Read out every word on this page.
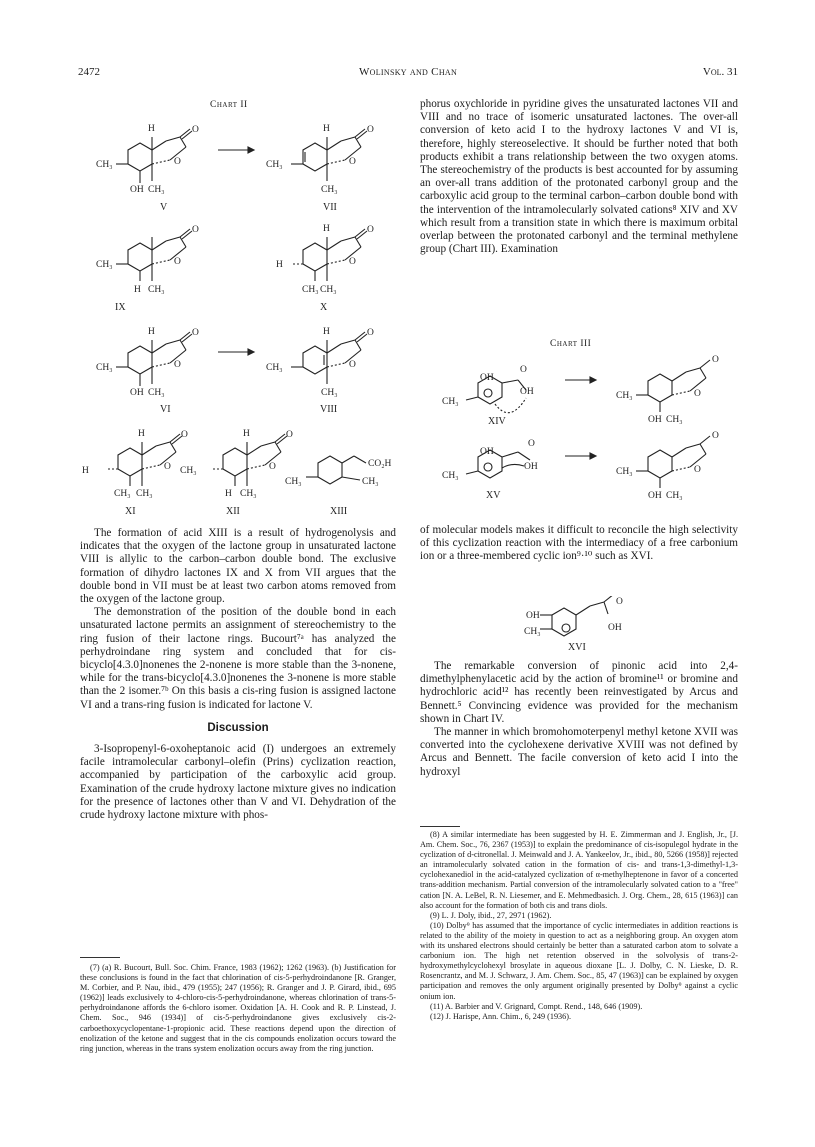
2472	Wolinsky and Chan	Vol. 31
Chart II
H	O
O
CH₃
OH CH₃
V
H	O
O
CH₃
CH₃
VII
O
O
CH₃
H CH₃
IX
H	O
O
H
CH₃ CH₃
X
H	O
O
CH₃
OH CH₃
VI
H	O
O
CH₃
CH₃
VIII
H	O
O
H
CH₃ CH₃
XI
H	O
O
CH₃
H CH₃
XII
CO₂H
CH₃
CH₃
XIII

The formation of acid XIII is a result of hydrogenolysis and indicates that the oxygen of the lactone group in unsaturated lactone VIII is allylic to the carbon–carbon double bond. The exclusive formation of dihydro lactones IX and X from VII argues that the double bond in VII must be at least two carbon atoms removed from the oxygen of the lactone group.

The demonstration of the position of the double bond in each unsaturated lactone permits an assignment of stereochemistry to the ring fusion of their lactone rings. Bucourt⁷ᵃ has analyzed the perhydroindane ring system and concluded that for cis-bicyclo[4.3.0]nonenes the 2-nonene is more stable than the 3-nonene, while for the trans-bicyclo[4.3.0]nonenes the 3-nonene is more stable than the 2 isomer.⁷ᵇ On this basis a cis-ring fusion is assigned lactone VI and a trans-ring fusion is indicated for lactone V.

Discussion

3-Isopropenyl-6-oxoheptanoic acid (I) undergoes an extremely facile intramolecular carbonyl–olefin (Prins) cyclization reaction, accompanied by participation of the carboxylic acid group. Examination of the crude hydroxy lactone mixture gives no indication for the presence of lactones other than V and VI. Dehydration of the crude hydroxy lactone mixture with phos-

phorus oxychloride in pyridine gives the unsaturated lactones VII and VIII and no trace of isomeric unsaturated lactones. The over-all conversion of keto acid I to the hydroxy lactones V and VI is, therefore, highly stereoselective. It should be further noted that both products exhibit a trans relationship between the two oxygen atoms. The stereochemistry of the products is best accounted for by assuming an over-all trans addition of the protonated carbonyl group and the carboxylic acid group to the terminal carbon–carbon double bond with the intervention of the intramolecularly solvated cations⁸ XIV and XV which result from a transition state in which there is maximum orbital overlap between the protonated carbonyl and the terminal methylene group (Chart III). Examination

Chart III
OH
OH
O
CH₃
XIV
O
O
CH₃
OH CH₃
OH
OH
O
CH₃
XV
O
O
CH₃
OH CH₃

of molecular models makes it difficult to reconcile the high selectivity of this cyclization reaction with the intermediacy of a free carbonium ion or a three-membered cyclic ion⁹·¹⁰ such as XVI.

O
OH
OH
CH₃
XVI

The remarkable conversion of pinonic acid into 2,4-dimethylphenylacetic acid by the action of bromine¹¹ or bromine and hydrochloric acid¹² has recently been reinvestigated by Arcus and Bennett.⁵ Convincing evidence was provided for the mechanism shown in Chart IV.

The manner in which bromohomoterpenyl methyl ketone XVII was converted into the cyclohexene derivative XVIII was not defined by Arcus and Bennett. The facile conversion of keto acid I into the hydroxyl

(7) (a) R. Bucourt, Bull. Soc. Chim. France, 1983 (1962); 1262 (1963). (b) Justification for these conclusions is found in the fact that chlorination of cis-5-perhydroindanone [R. Granger, M. Corbier, and P. Nau, ibid., 479 (1955); 247 (1956); R. Granger and J. P. Girard, ibid., 695 (1962)] leads exclusively to 4-chloro-cis-5-perhydroindanone, whereas chlorination of trans-5-perhydroindanone affords the 6-chloro isomer. Oxidation [A. H. Cook and R. P. Linstead, J. Chem. Soc., 946 (1934)] of cis-5-perhydroindanone gives exclusively cis-2-carboethoxycyclopentane-1-propionic acid. These reactions depend upon the direction of enolization of the ketone and suggest that in the cis compounds enolization occurs toward the ring junction, whereas in the trans system enolization occurs away from the ring junction.

(8) A similar intermediate has been suggested by H. E. Zimmerman and J. English, Jr., [J. Am. Chem. Soc., 76, 2367 (1953)] to explain the predominance of cis-isopulegol hydrate in the cyclization of d-citronellal. J. Meinwald and J. A. Yankeelov, Jr., ibid., 80, 5266 (1958)] rejected an intramolecularly solvated cation in the formation of cis- and trans-1,3-dimethyl-1,3-cyclohexanediol in the acid-catalyzed cyclization of α-methylheptenone in favor of a concerted trans-addition mechanism. Partial conversion of the intramolecularly solvated cation to a "free" cation [N. A. LeBel, R. N. Liesemer, and E. Mehmedbasich. J. Org. Chem., 28, 615 (1963)] can also account for the formation of both cis and trans diols.

(9) L. J. Doly, ibid., 27, 2971 (1962).

(10) Dolby⁹ has assumed that the importance of cyclic intermediates in addition reactions is related to the ability of the moiety in question to act as a neighboring group. An oxygen atom with its unshared electrons should certainly be better than a saturated carbon atom to solvate a carbonium ion. The high net retention observed in the solvolysis of trans-2-hydroxymethylcyclohexyl brosylate in aqueous dioxane [L. J. Dolby, C. N. Lieske, D. R. Rosencrantz, and M. J. Schwarz, J. Am. Chem. Soc., 85, 47 (1963)] can be explained by oxygen participation and removes the only argument originally presented by Dolby⁹ against a cyclic onium ion.

(11) A. Barbier and V. Grignard, Compt. Rend., 148, 646 (1909).

(12) J. Harispe, Ann. Chim., 6, 249 (1936).
